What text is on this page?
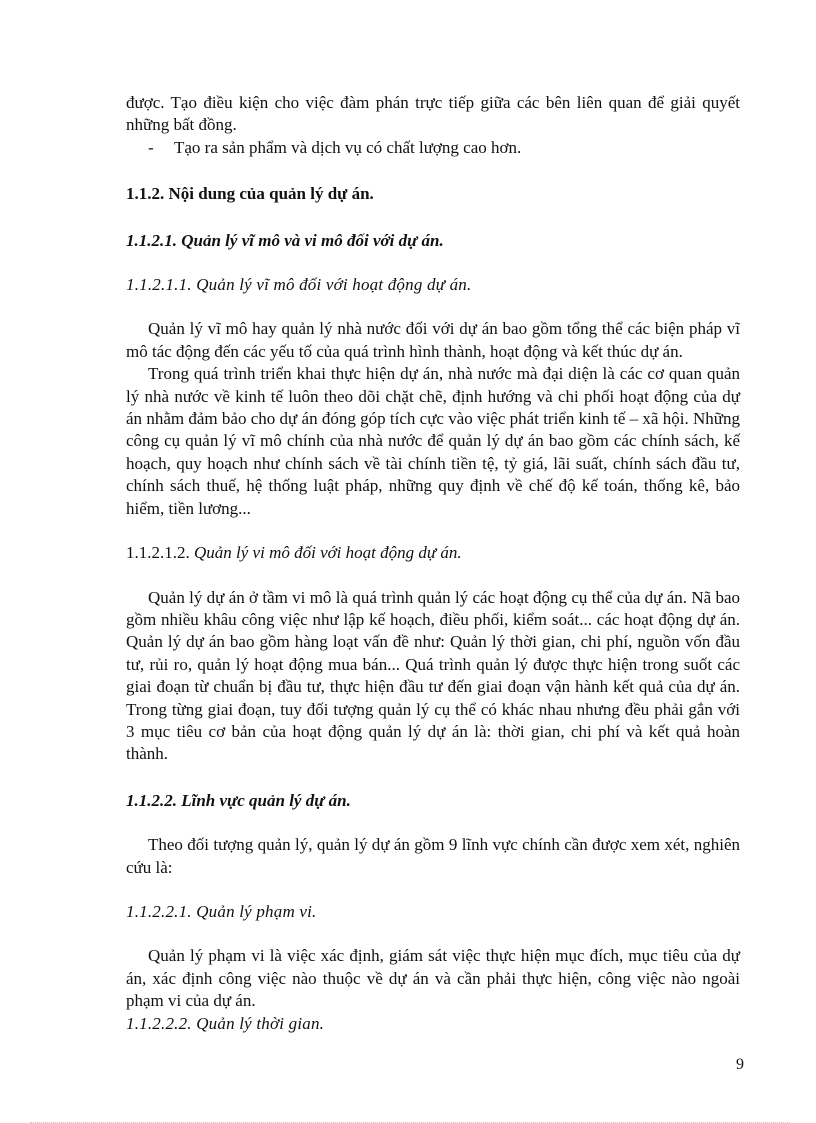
được. Tạo điều kiện cho việc đàm phán trực tiếp giữa các bên liên quan để giải quyết những bất đồng.

- Tạo ra sản phẩm và dịch vụ có chất lượng cao hơn.

1.1.2. Nội dung của quản lý dự án.

1.1.2.1. Quản lý vĩ mô và vi mô đối với dự án.

1.1.2.1.1. Quản lý vĩ mô đối với hoạt động dự án.

Quản lý vĩ mô hay quản lý nhà nước đối với dự án bao gồm tổng thể các biện pháp vĩ mô tác động đến các yếu tố của quá trình hình thành, hoạt động và kết thúc dự án.

Trong quá trình triển khai thực hiện dự án, nhà nước mà đại diện là các cơ quan quản lý nhà nước về kinh tế luôn theo dõi chặt chẽ, định hướng và chi phối hoạt động của dự án nhằm đảm bảo cho dự án đóng góp tích cực vào việc phát triển kinh tế – xã hội. Những công cụ quản lý vĩ mô chính của nhà nước để quản lý dự án bao gồm các chính sách, kế hoạch, quy hoạch như chính sách về tài chính tiền tệ, tỷ giá, lãi suất, chính sách đầu tư, chính sách thuế, hệ thống luật pháp, những quy định về chế độ kế toán, thống kê, bảo hiểm, tiền lương...

1.1.2.1.2. Quản lý vi mô đối với hoạt động dự án.

Quản lý dự án ở tầm vi mô là quá trình quản lý các hoạt động cụ thể của dự án. Nã bao gồm nhiều khâu công việc như lập kế hoạch, điều phối, kiểm soát... các hoạt động dự án. Quản lý dự án bao gồm hàng loạt vấn đề như: Quản lý thời gian, chi phí, nguồn vốn đầu tư, rủi ro, quản lý hoạt động mua bán... Quá trình quản lý được thực hiện trong suốt các giai đoạn từ chuẩn bị đầu tư, thực hiện đầu tư đến giai đoạn vận hành kết quả của dự án. Trong từng giai đoạn, tuy đối tượng quản lý cụ thể có khác nhau nhưng đều phải gắn với 3 mục tiêu cơ bản của hoạt động quản lý dự án là: thời gian, chi phí và kết quả hoàn thành.

1.1.2.2. Lĩnh vực quản lý dự án.

Theo đối tượng quản lý, quản lý dự án gồm 9 lĩnh vực chính cần được xem xét, nghiên cứu là:

1.1.2.2.1. Quản lý phạm vi.

Quản lý phạm vi là việc xác định, giám sát việc thực hiện mục đích, mục tiêu của dự án, xác định công việc nào thuộc về dự án và cần phải thực hiện, công việc nào ngoài phạm vi của dự án.

1.1.2.2.2. Quản lý thời gian.

9
